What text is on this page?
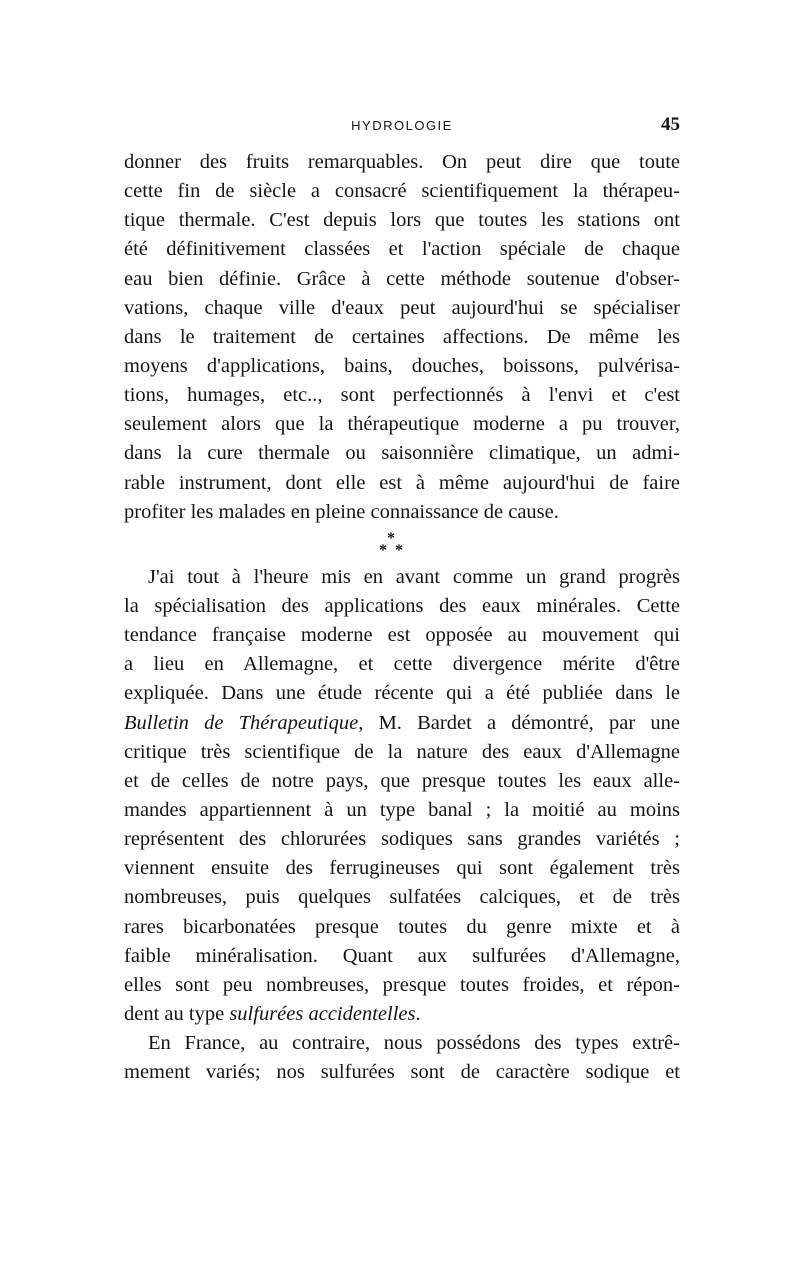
HYDROLOGIE	45
donner des fruits remarquables. On peut dire que toute
cette fin de siècle a consacré scientifiquement la thérapeu-
tique thermale. C'est depuis lors que toutes les stations ont
été définitivement classées et l'action spéciale de chaque
eau bien définie. Grâce à cette méthode soutenue d'obser-
vations, chaque ville d'eaux peut aujourd'hui se spécialiser
dans le traitement de certaines affections. De même les
moyens d'applications, bains, douches, boissons, pulvérisa-
tions, humages, etc.., sont perfectionnés à l'envi et c'est
seulement alors que la thérapeutique moderne a pu trouver,
dans la cure thermale ou saisonnière climatique, un admi-
rable instrument, dont elle est à même aujourd'hui de faire
profiter les malades en pleine connaissance de cause.
*
* *
J'ai tout à l'heure mis en avant comme un grand progrès
la spécialisation des applications des eaux minérales. Cette
tendance française moderne est opposée au mouvement qui
a lieu en Allemagne, et cette divergence mérite d'être
expliquée. Dans une étude récente qui a été publiée dans le
Bulletin de Thérapeutique, M. Bardet a démontré, par une
critique très scientifique de la nature des eaux d'Allemagne
et de celles de notre pays, que presque toutes les eaux alle-
mandes appartiennent à un type banal ; la moitié au moins
représentent des chlorurées sodiques sans grandes variétés ;
viennent ensuite des ferrugineuses qui sont également très
nombreuses, puis quelques sulfatées calciques, et de très
rares bicarbonatées presque toutes du genre mixte et à
faible minéralisation. Quant aux sulfurées d'Allemagne,
elles sont peu nombreuses, presque toutes froides, et répon-
dent au type sulfurées accidentelles.
En France, au contraire, nous possédons des types extrê-
mement variés; nos sulfurées sont de caractère sodique et
